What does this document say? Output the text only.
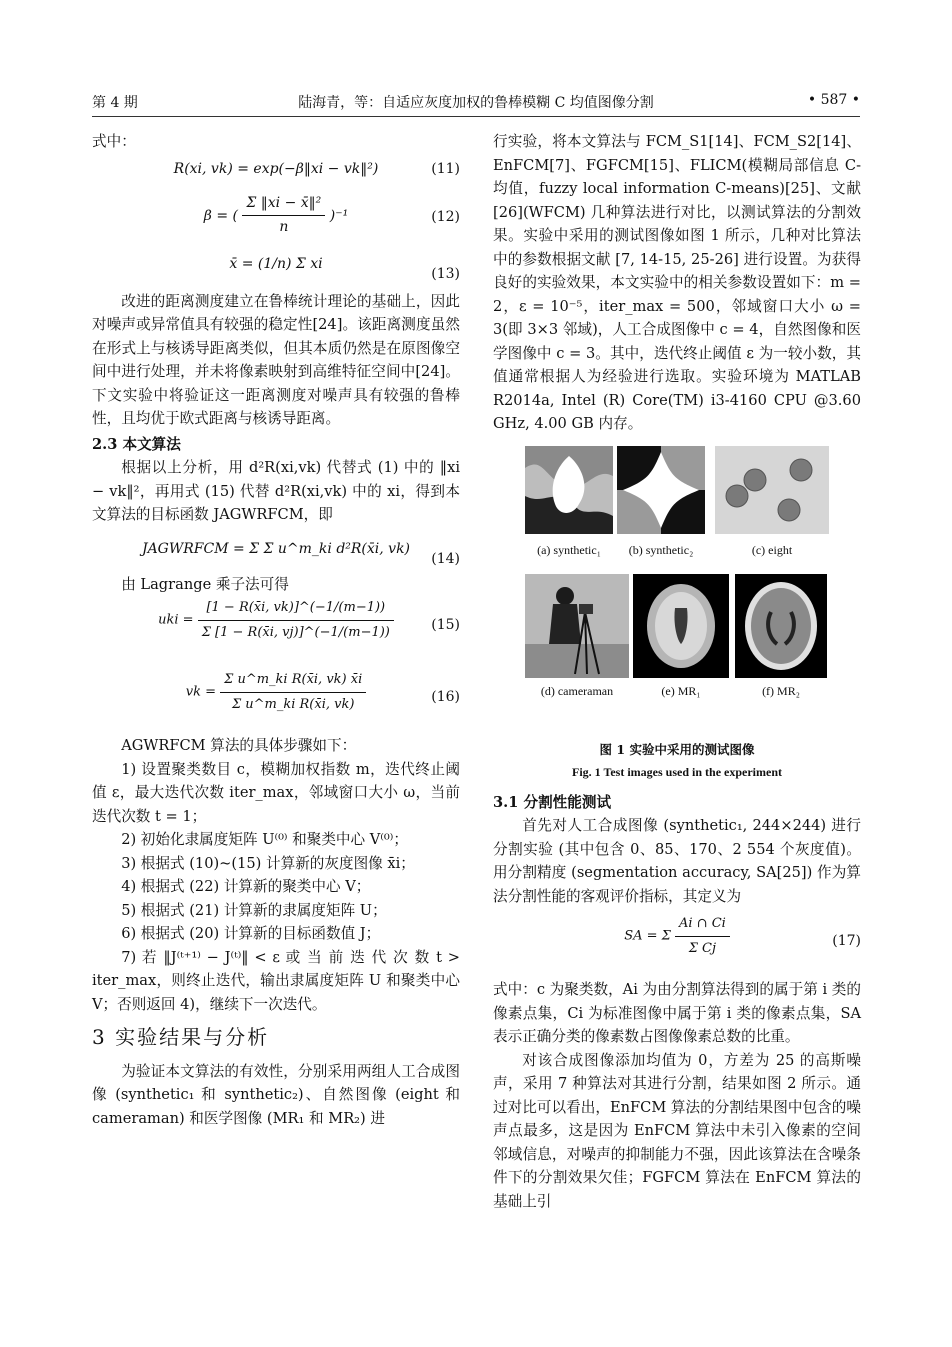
第 4 期	陆海青，等：自适应灰度加权的鲁棒模糊 C 均值图像分割	• 587 •

式中：

R(xi, vk) = exp(−β‖xi − vk‖²)	(11)
β = ( $\frac{\text{Σ ‖xi − x̄‖²}}{n} )^{-1}$	(12)
x̄ = (1/n) Σ xi
(13)

改进的距离测度建立在鲁棒统计理论的基础上，因此对噪声或异常值具有较强的稳定性[24]。该距离测度虽然在形式上与核诱导距离类似，但其本质仍然是在原图像空间中进行处理，并未将像素映射到高维特征空间中[24]。下文实验中将验证这一距离测度对噪声具有较强的鲁棒性，且均优于欧式距离与核诱导距离。

2.3 本文算法

根据以上分析，用 d²R(xi,vk) 代替式 (1) 中的 ‖xi − vk‖²，再用式 (15) 代替 d²R(xi,vk) 中的 xi，得到本文算法的目标函数 JAGWRFCM，即

JAGWRFCM = Σ Σ u^m_ki d²R(x̄i, vk)
(14)

由 Lagrange 乘子法可得

uki = $\frac{[1 - R(x̄i, vk)]\^{}(-1/(m-1))}{\Sigma [1 - R(x̄i, vj)]\^{}(-1/(m-1))}$	(15)
vk = $\frac{\text{Σ u\textasciicircum{}m\_ki R(x̄i, vk) x̄i}}{\text{Σ u\textasciicircum{}m\_ki R(x̄i, vk)}}$	(16)

AGWRFCM 算法的具体步骤如下：

1) 设置聚类数目 c，模糊加权指数 m，迭代终止阈值 ε，最大迭代次数 iter_max，邻域窗口大小 ω，当前迭代次数 t = 1；

2) 初始化隶属度矩阵 U⁽⁰⁾ 和聚类中心 V⁽⁰⁾；

3) 根据式 (10)~(15) 计算新的灰度图像 x̄i；

4) 根据式 (22) 计算新的聚类中心 V；

5) 根据式 (21) 计算新的隶属度矩阵 U；

6) 根据式 (20) 计算新的目标函数值 J；

7) 若 ‖J⁽ᵗ⁺¹⁾ − J⁽ᵗ⁾‖ < ε 或 当 前 迭 代 次 数 t > iter_max，则终止迭代，输出隶属度矩阵 U 和聚类中心 V；否则返回 4)，继续下一次迭代。

3 实验结果与分析

为验证本文算法的有效性，分别采用两组人工合成图像 (synthetic₁ 和 synthetic₂)、自然图像 (eight 和 cameraman) 和医学图像 (MR₁ 和 MR₂) 进

行实验，将本文算法与 FCM_S1[14]、FCM_S2[14]、EnFCM[7]、FGFCM[15]、FLICM(模糊局部信息 C-均值，fuzzy local information C-means)[25]、文献 [26](WFCM) 几种算法进行对比，以测试算法的分割效果。实验中采用的测试图像如图 1 所示，几种对比算法中的参数根据文献 [7, 14-15, 25-26] 进行设置。为获得良好的实验效果，本文实验中的相关参数设置如下：m = 2，ε = 10⁻⁵，iter_max = 500，邻域窗口大小 ω = 3(即 3×3 邻域)，人工合成图像中 c = 4，自然图像和医学图像中 c = 3。其中，迭代终止阈值 ε 为一较小数，其值通常根据人为经验进行选取。实验环境为 MATLAB R2014a, Intel (R) Core(TM) i3-4160 CPU @3.60 GHz, 4.00 GB 内存。

(a) synthetic₁	(b) synthetic₂	(c) eight
(d) cameraman	(e) MR₁	(f) MR₂

图 1 实验中采用的测试图像

Fig. 1 Test images used in the experiment

3.1 分割性能测试

首先对人工合成图像 (synthetic₁, 244×244) 进行分割实验 (其中包含 0、85、170、2 554 个灰度值)。用分割精度 (segmentation accuracy, SA[25]) 作为算法分割性能的客观评价指标，其定义为

SA = Σ $\frac{Ai \cap Ci}{\text{Σ Cj}}$	(17)

式中：c 为聚类数，Ai 为由分割算法得到的属于第 i 类的像素点集，Ci 为标准图像中属于第 i 类的像素点集，SA 表示正确分类的像素数占图像像素总数的比重。

对该合成图像添加均值为 0，方差为 25 的高斯噪声，采用 7 种算法对其进行分割，结果如图 2 所示。通过对比可以看出，EnFCM 算法的分割结果图中包含的噪声点最多，这是因为 EnFCM 算法中未引入像素的空间邻域信息，对噪声的抑制能力不强，因此该算法在含噪条件下的分割效果欠佳；FGFCM 算法在 EnFCM 算法的基础上引
